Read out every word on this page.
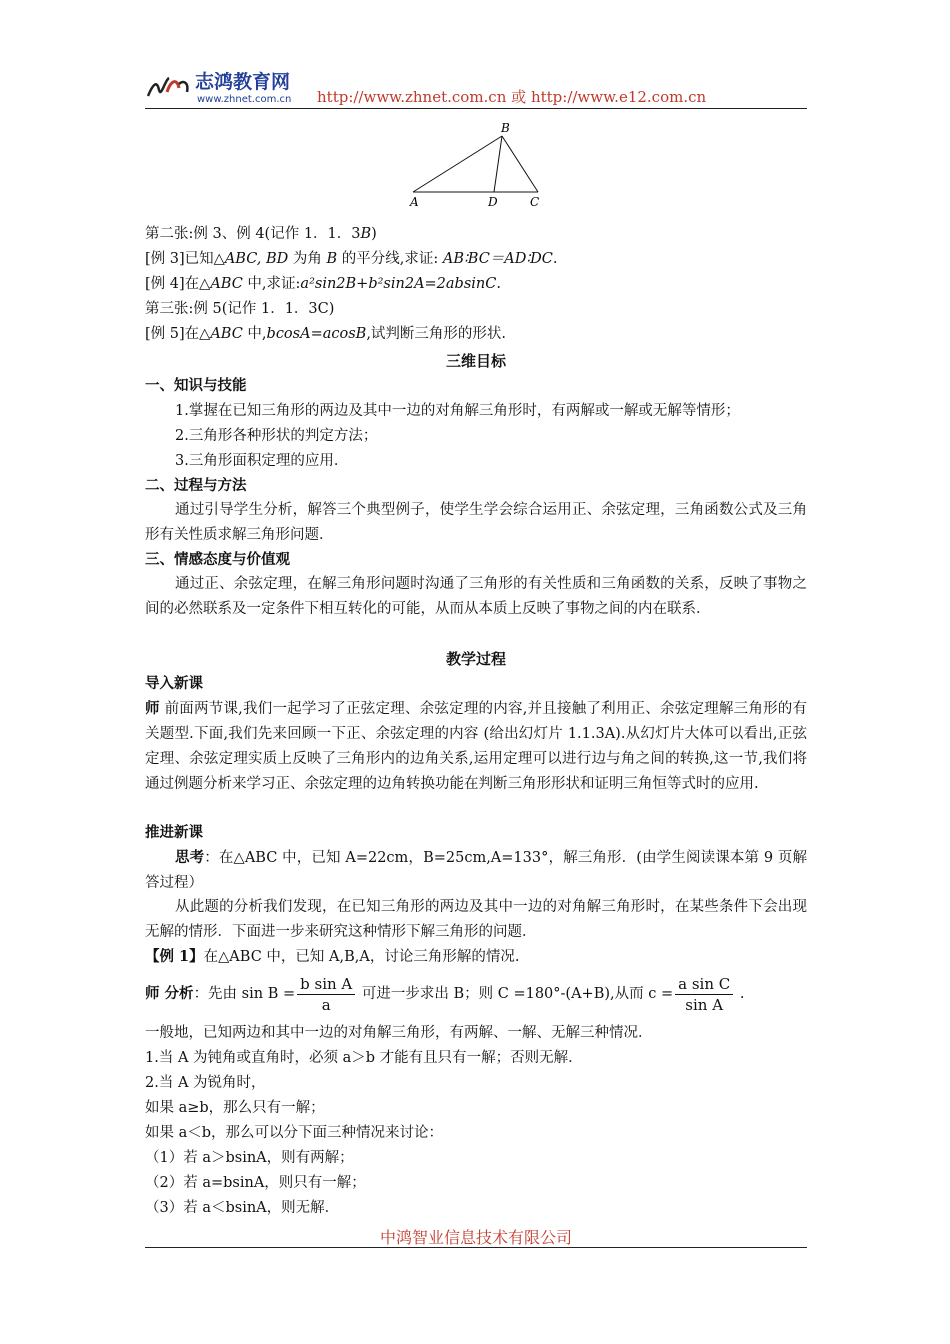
志鸿教育网
www.zhnet.com.cn http://www.zhnet.com.cn 或 http://www.e12.com.cn
B
A	D	C
第二张:例 3、例 4(记作 1．1．3B)
[例 3]已知△ABC, BD 为角 B 的平分线,求证: AB∶BC＝AD∶DC.
[例 4]在△ABC 中,求证:a²sin2B+b²sin2A=2absinC.
第三张:例 5(记作 1．1．3C)
[例 5]在△ABC 中,bcosA=acosB,试判断三角形的形状.
三维目标
一、知识与技能
1.掌握在已知三角形的两边及其中一边的对角解三角形时，有两解或一解或无解等情形；
2.三角形各种形状的判定方法；
3.三角形面积定理的应用．
二、过程与方法
通过引导学生分析，解答三个典型例子，使学生学会综合运用正、余弦定理，三角函数公式及三角形有关性质求解三角形问题．
三、情感态度与价值观
通过正、余弦定理，在解三角形问题时沟通了三角形的有关性质和三角函数的关系，反映了事物之间的必然联系及一定条件下相互转化的可能，从而从本质上反映了事物之间的内在联系．
教学过程
导入新课
师 前面两节课,我们一起学习了正弦定理、余弦定理的内容,并且接触了利用正、余弦定理解三角形的有关题型.下面,我们先来回顾一下正、余弦定理的内容 (给出幻灯片 1.1.3A).从幻灯片大体可以看出,正弦定理、余弦定理实质上反映了三角形内的边角关系,运用定理可以进行边与角之间的转换,这一节,我们将通过例题分析来学习正、余弦定理的边角转换功能在判断三角形形状和证明三角恒等式时的应用.
推进新课
思考：在△ABC 中，已知 A=22cm，B=25cm,A=133°，解三角形．(由学生阅读课本第 9 页解答过程）
从此题的分析我们发现，在已知三角形的两边及其中一边的对角解三角形时，在某些条件下会出现无解的情形．下面进一步来研究这种情形下解三角形的问题．
【例 1】在△ABC 中，已知 A,B,A，讨论三角形解的情况.
师 分析：先由 $\sin B = \frac{\text{b sin A}}{a}$ 可进一步求出 B；则 C =180°-(A+B),从而 $c = \frac{\text{a sin C}}{\text{sin A}}$ .
一般地，已知两边和其中一边的对角解三角形，有两解、一解、无解三种情况．
1.当 A 为钝角或直角时，必须 a＞b 才能有且只有一解；否则无解．
2.当 A 为锐角时，
如果 a≥b，那么只有一解；
如果 a＜b，那么可以分下面三种情况来讨论：
（1）若 a＞bsinA，则有两解；
（2）若 a=bsinA，则只有一解；
（3）若 a＜bsinA，则无解．
中鸿智业信息技术有限公司
